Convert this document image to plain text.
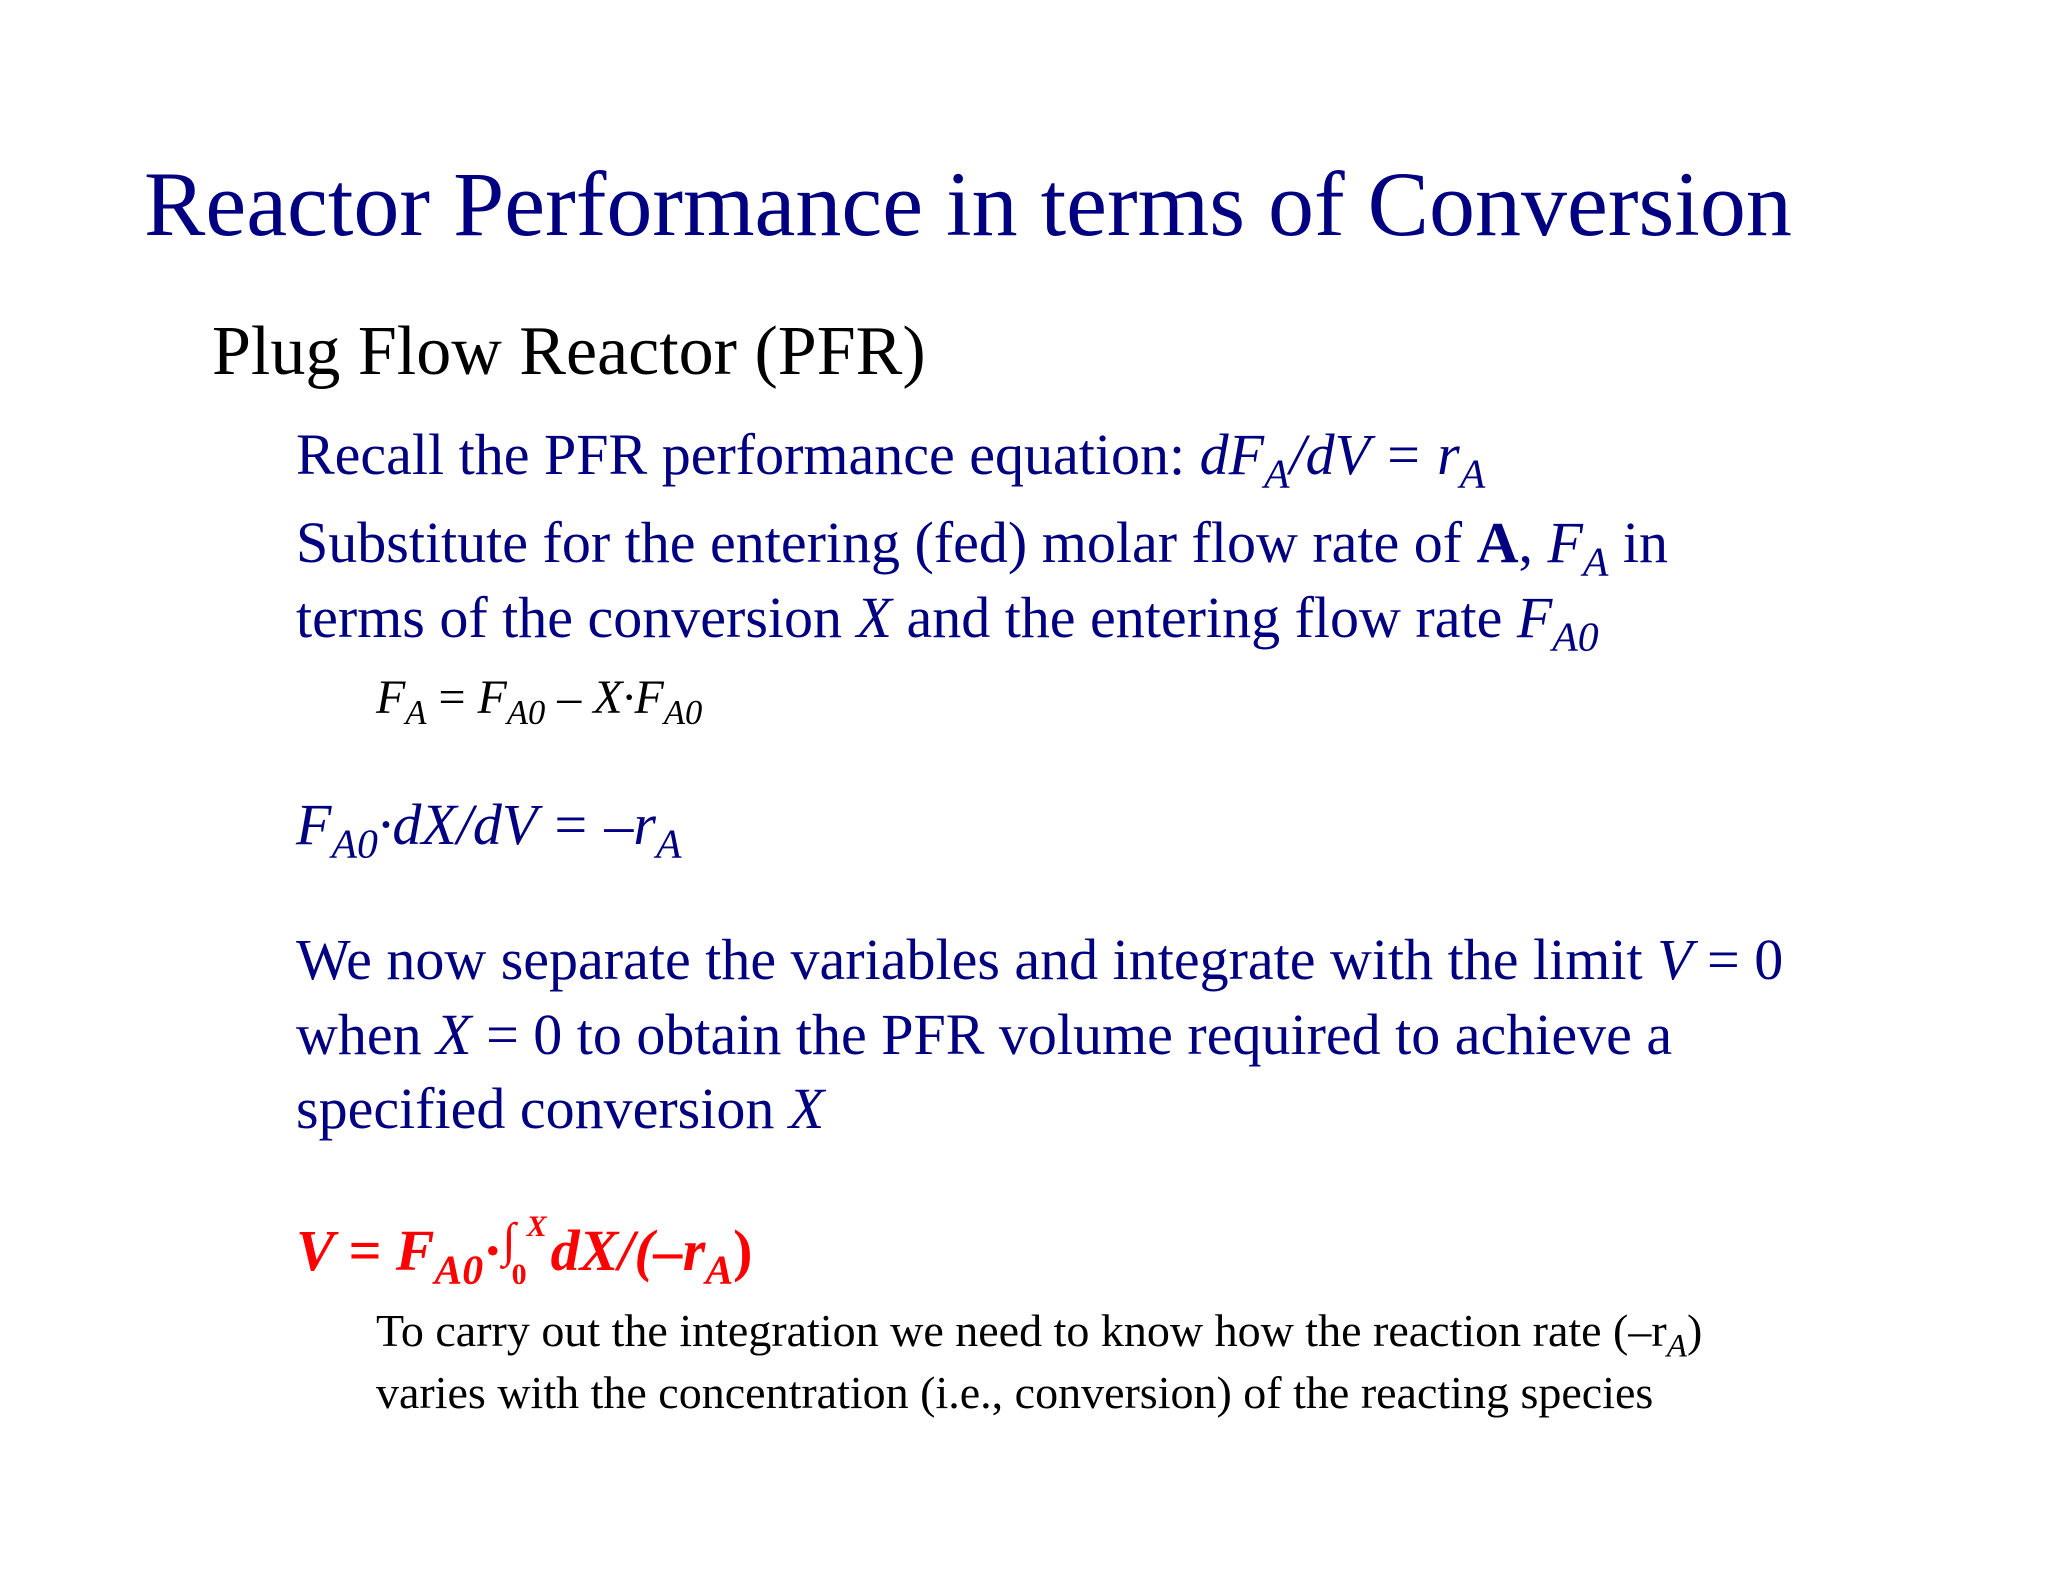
Reactor Performance in terms of Conversion
Plug Flow Reactor (PFR)
Recall the PFR performance equation: $dF_A/dV = r_A$
Substitute for the entering (fed) molar flow rate of A, $F_A$ in
terms of the conversion X and the entering flow rate $F_{A0}$
$F_A = F_{A0} - X\cdot F_{A0}$
$F_{A0}\cdot dX/dV = -r_A$
We now separate the variables and integrate with the limit V = 0
when X = 0 to obtain the PFR volume required to achieve a
specified conversion X
$V = F_{A0}\cdot^\int_0^XdX/(-r_A)$
To carry out the integration we need to know how the reaction rate $(-r_A)$
varies with the concentration (i.e., conversion) of the reacting species
